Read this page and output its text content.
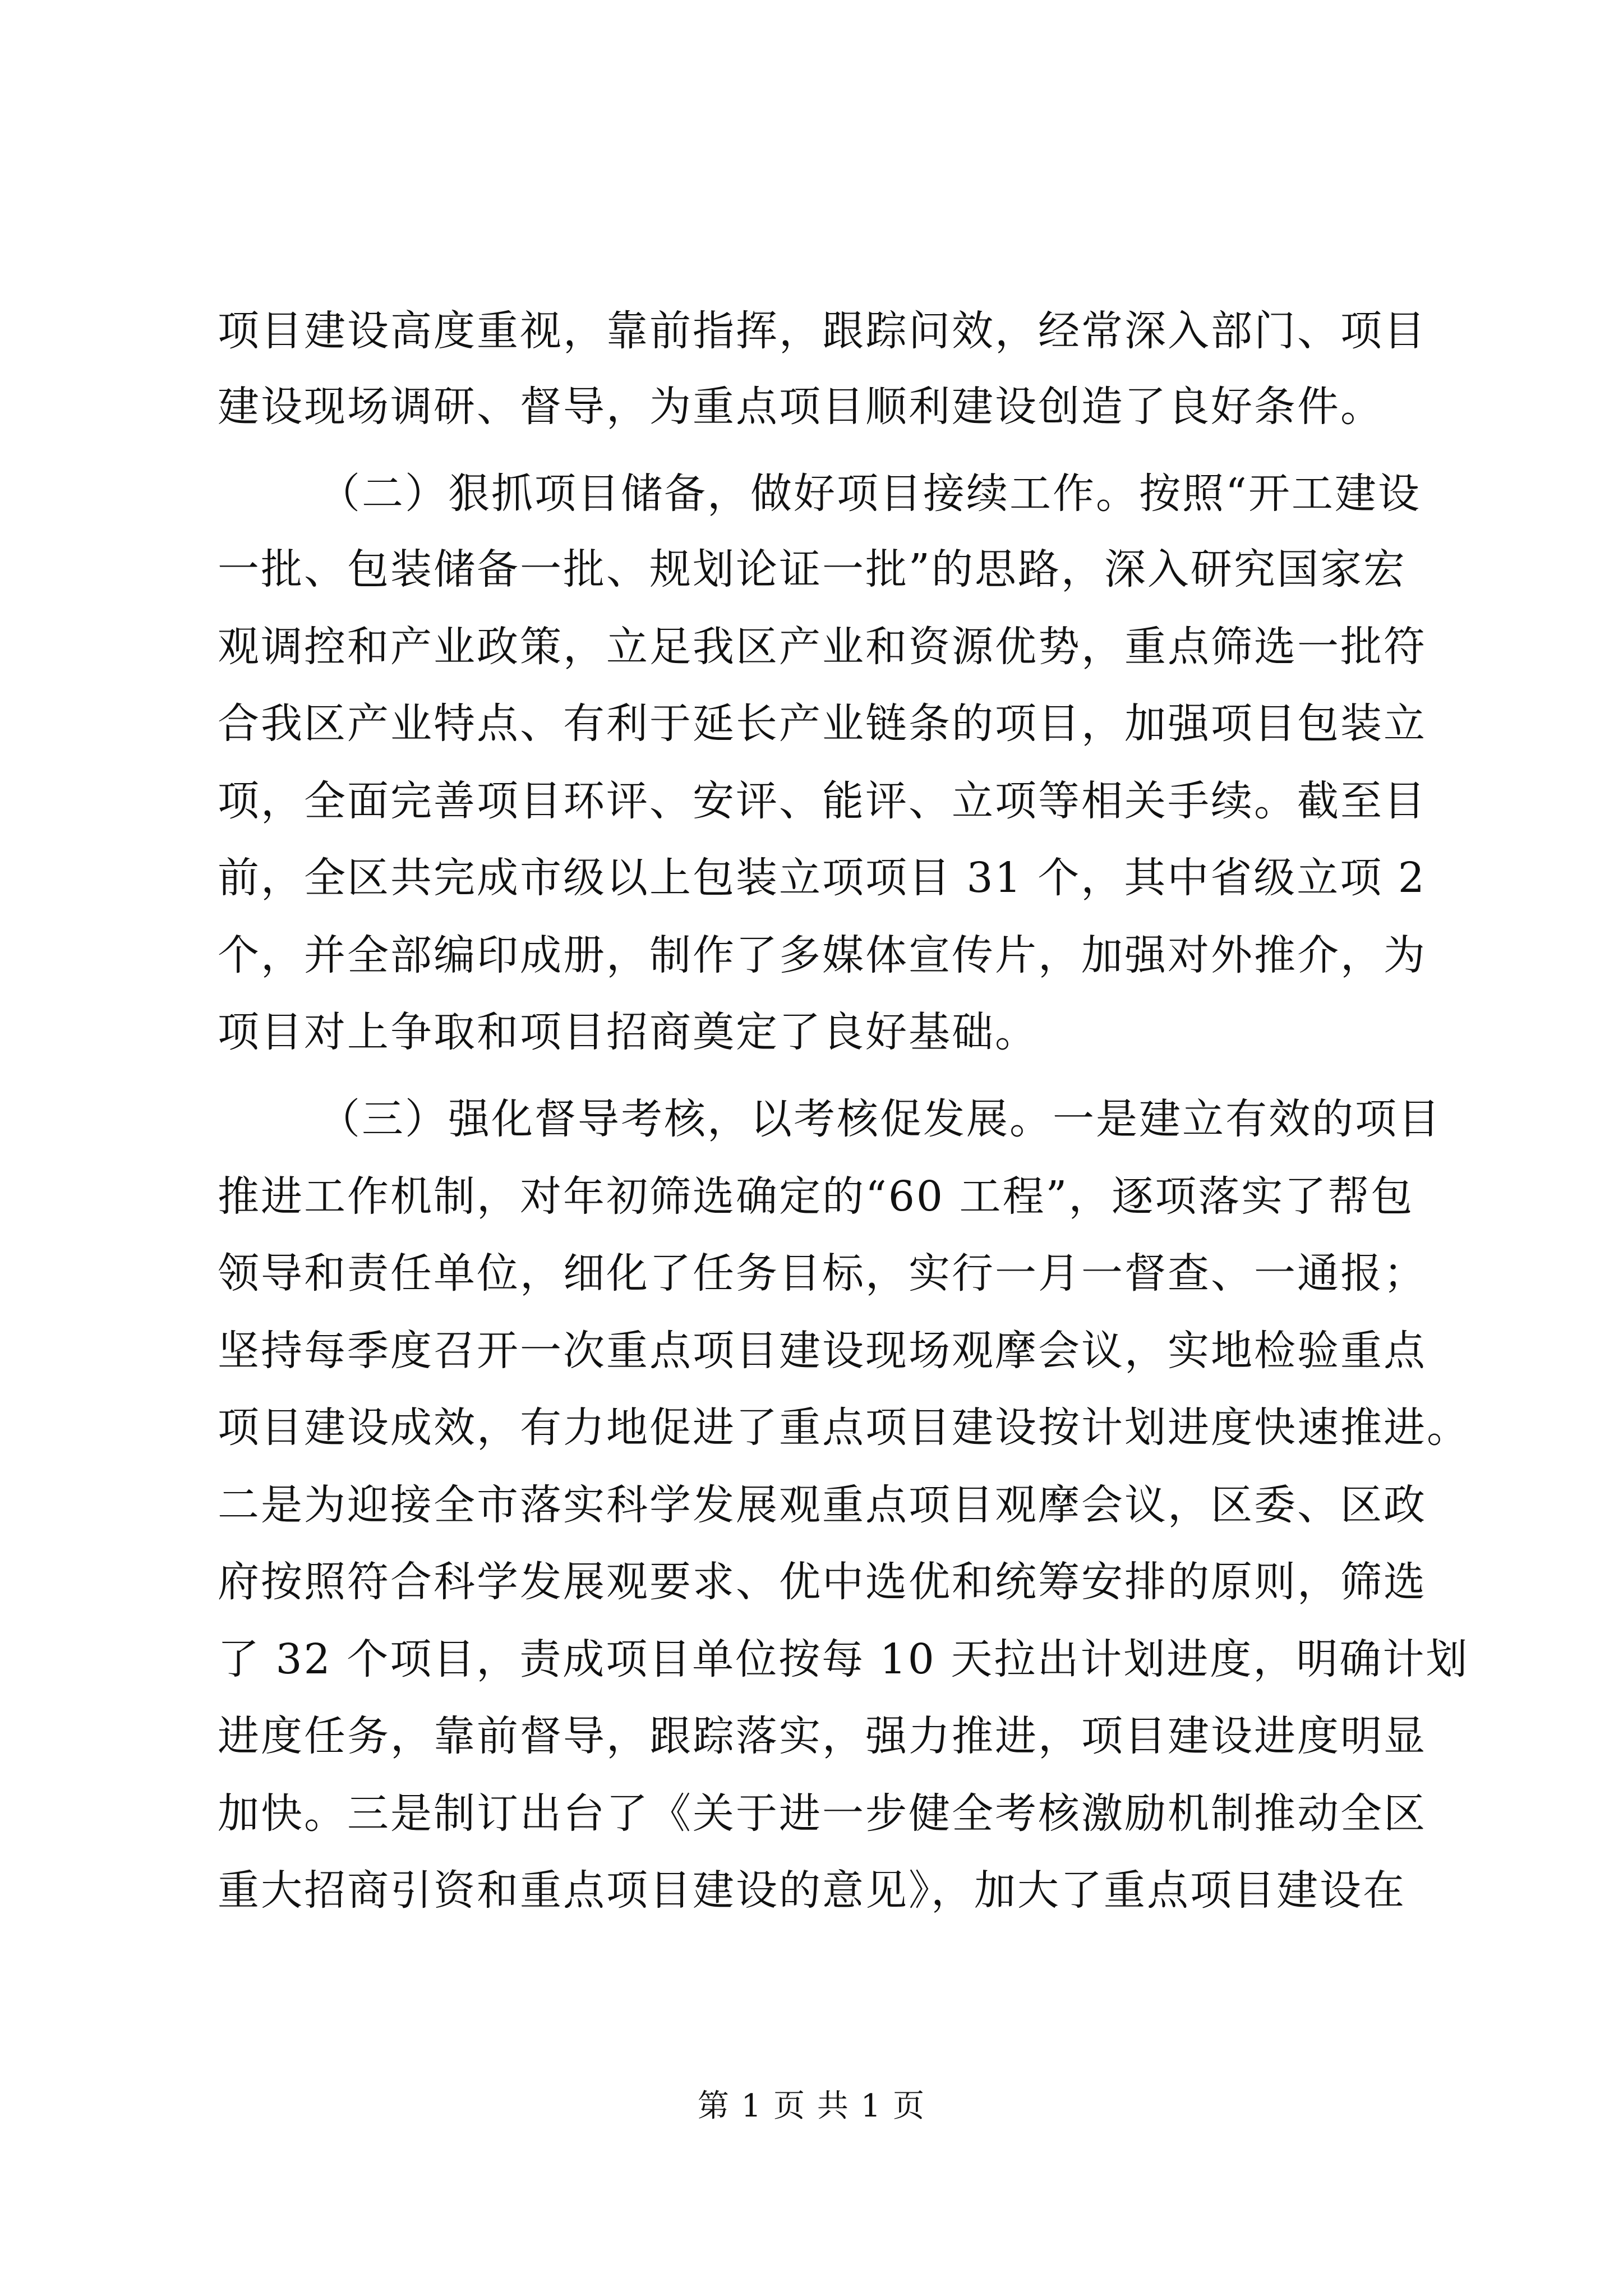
项目建设高度重视，靠前指挥，跟踪问效，经常深入部门、项目
建设现场调研、督导，为重点项目顺利建设创造了良好条件。
（二）狠抓项目储备，做好项目接续工作。按照“开工建设
一批、包装储备一批、规划论证一批”的思路，深入研究国家宏
观调控和产业政策，立足我区产业和资源优势，重点筛选一批符
合我区产业特点、有利于延长产业链条的项目，加强项目包装立
项，全面完善项目环评、安评、能评、立项等相关手续。截至目
前，全区共完成市级以上包装立项项目 31 个，其中省级立项 2
个，并全部编印成册，制作了多媒体宣传片，加强对外推介，为
项目对上争取和项目招商奠定了良好基础。
（三）强化督导考核，以考核促发展。一是建立有效的项目
推进工作机制，对年初筛选确定的“60 工程”，逐项落实了帮包
领导和责任单位，细化了任务目标，实行一月一督查、一通报；
坚持每季度召开一次重点项目建设现场观摩会议，实地检验重点
项目建设成效，有力地促进了重点项目建设按计划进度快速推进。
二是为迎接全市落实科学发展观重点项目观摩会议，区委、区政
府按照符合科学发展观要求、优中选优和统筹安排的原则，筛选
了 32 个项目，责成项目单位按每 10 天拉出计划进度，明确计划
进度任务，靠前督导，跟踪落实，强力推进，项目建设进度明显
加快。三是制订出台了《关于进一步健全考核激励机制推动全区
重大招商引资和重点项目建设的意见》，加大了重点项目建设在
第 1 页 共 1 页
